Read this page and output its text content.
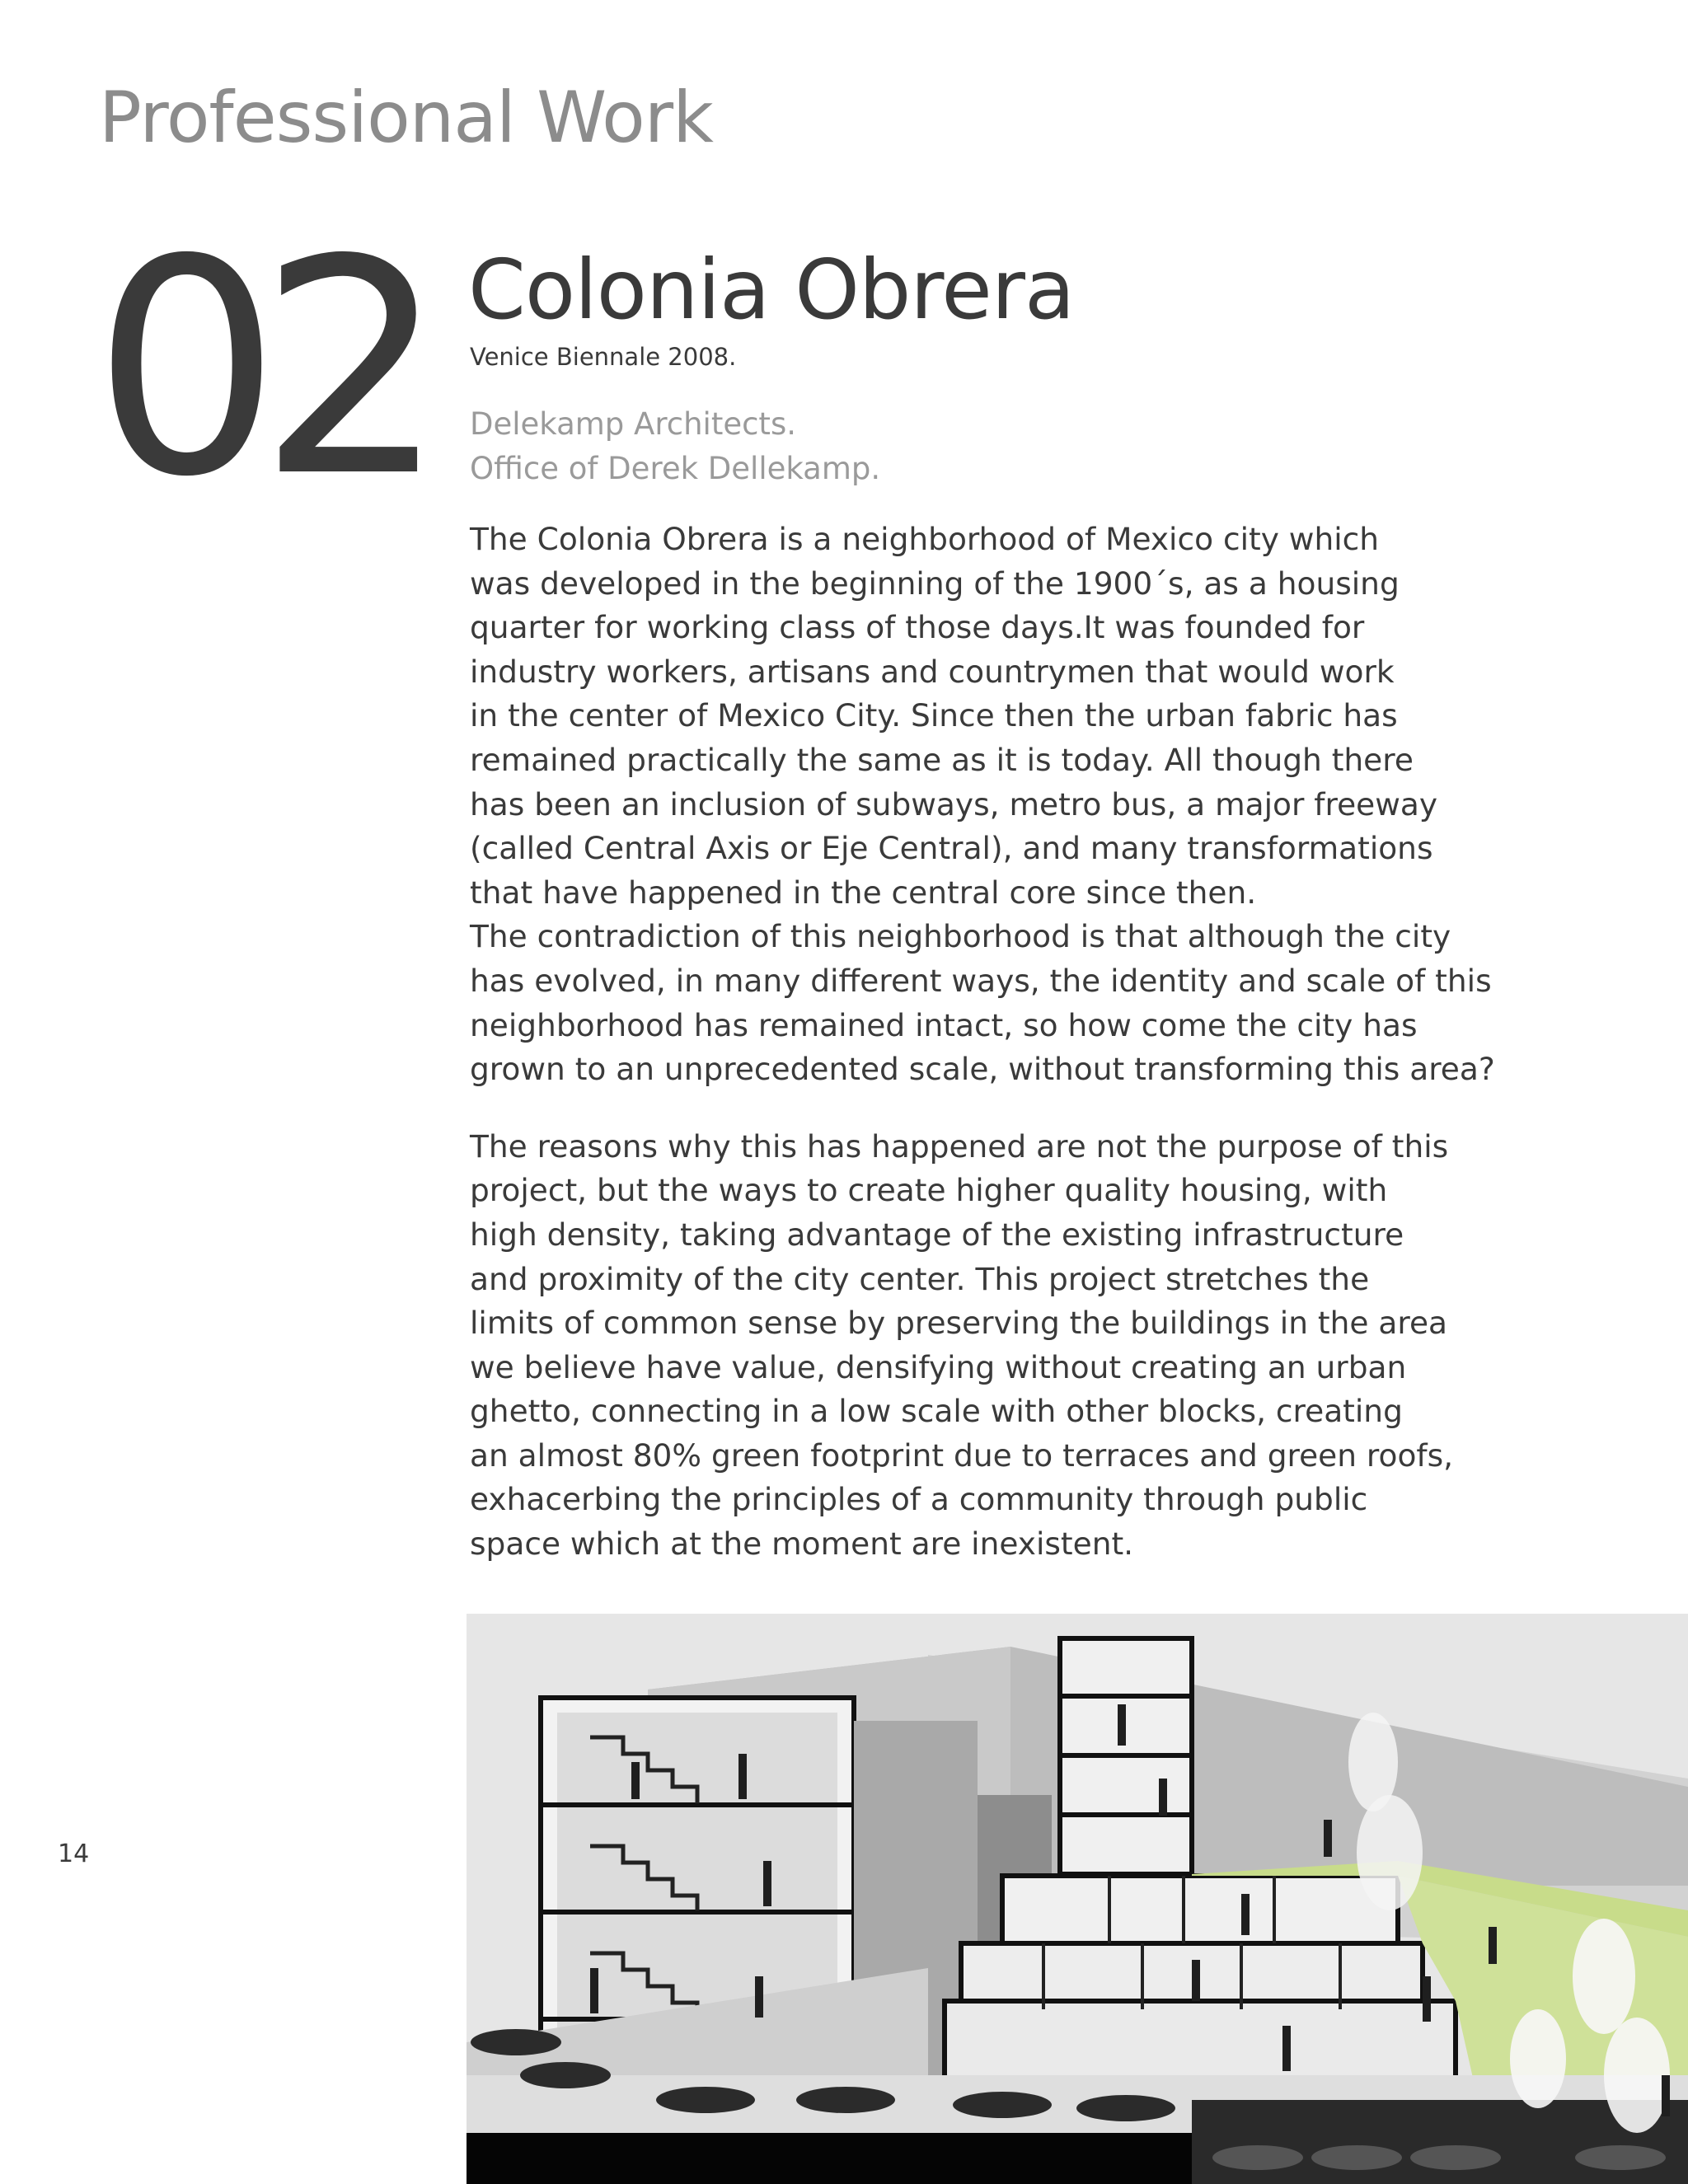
Professional Work
02 Colonia Obrera
Venice Biennale 2008.
Delekamp Architects.
Office of Derek Dellekamp.
The Colonia Obrera is a neighborhood of Mexico city which
was developed in the beginning of the 1900´s, as a housing
quarter for working class of those days.It was founded for
industry workers, artisans and countrymen that would work
in the center of Mexico City. Since then the urban fabric has
remained practically the same as it is today. All though there
has been an inclusion of subways, metro bus, a major freeway
(called Central Axis or Eje Central), and many transformations
that have happened in the central core since then.
The contradiction of this neighborhood is that although the city
has evolved, in many different ways, the identity and scale of this
neighborhood has remained intact, so how come the city has
grown to an unprecedented scale, without transforming this area?
The reasons why this has happened are not the purpose of this
project, but the ways to create higher quality housing, with
high density, taking advantage of the existing infrastructure
and proximity of the city center. This project stretches the
limits of common sense by preserving the buildings in the area
we believe have value, densifying without creating an urban
ghetto, connecting in a low scale with other blocks, creating
an almost 80% green footprint due to terraces and green roofs,
exhacerbing the principles of a community through public
space which at the moment are inexistent.
14
